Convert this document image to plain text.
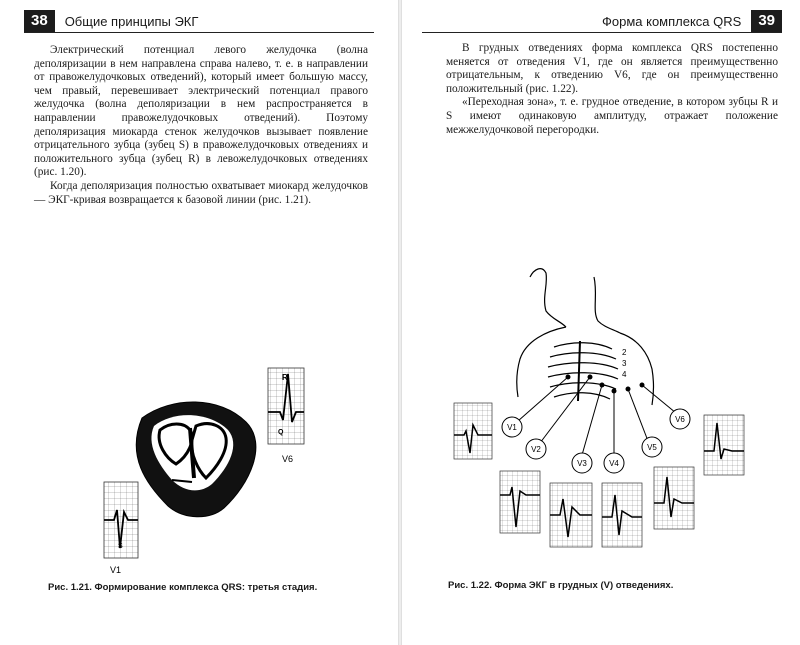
38	Общие принципы ЭКГ

Электрический потенциал левого желудочка (волна деполяризации в нем направлена справа налево, т. е. в направлении от правожелудочковых отведений), который имеет большую массу, чем правый, перевешивает электрический потенциал правого желудочка (волна деполяризации в нем распространяется в направлении правожелудочковых отведений). Поэтому деполяризация миокарда стенок желудочков вызывает появление отрицательного зубца (зубец S) в правожелудочковых отведениях и положительного зубца (зубец R) в левожелудочковых отведениях (рис. 1.20).

Когда деполяризация полностью охватывает миокард желудочков — ЭКГ-кривая возвращается к базовой линии (рис. 1.21).

R
Q
V6
S
V1
Рис. 1.21. Формирование комплекса QRS: третья стадия.
Форма комплекса QRS	39

В грудных отведениях форма комплекса QRS постепенно меняется от отведения V1, где он является преимущественно отрицательным, к отведению V6, где он преимущественно положительный (рис. 1.22).

«Переходная зона», т. е. грудное отведение, в котором зубцы R и S имеют одинаковую амплитуду, отражает положение межжелудочковой перегородки.

2
3
4
V1
V2
V3	V4
V5
V6
Рис. 1.22. Форма ЭКГ в грудных (V) отведениях.
